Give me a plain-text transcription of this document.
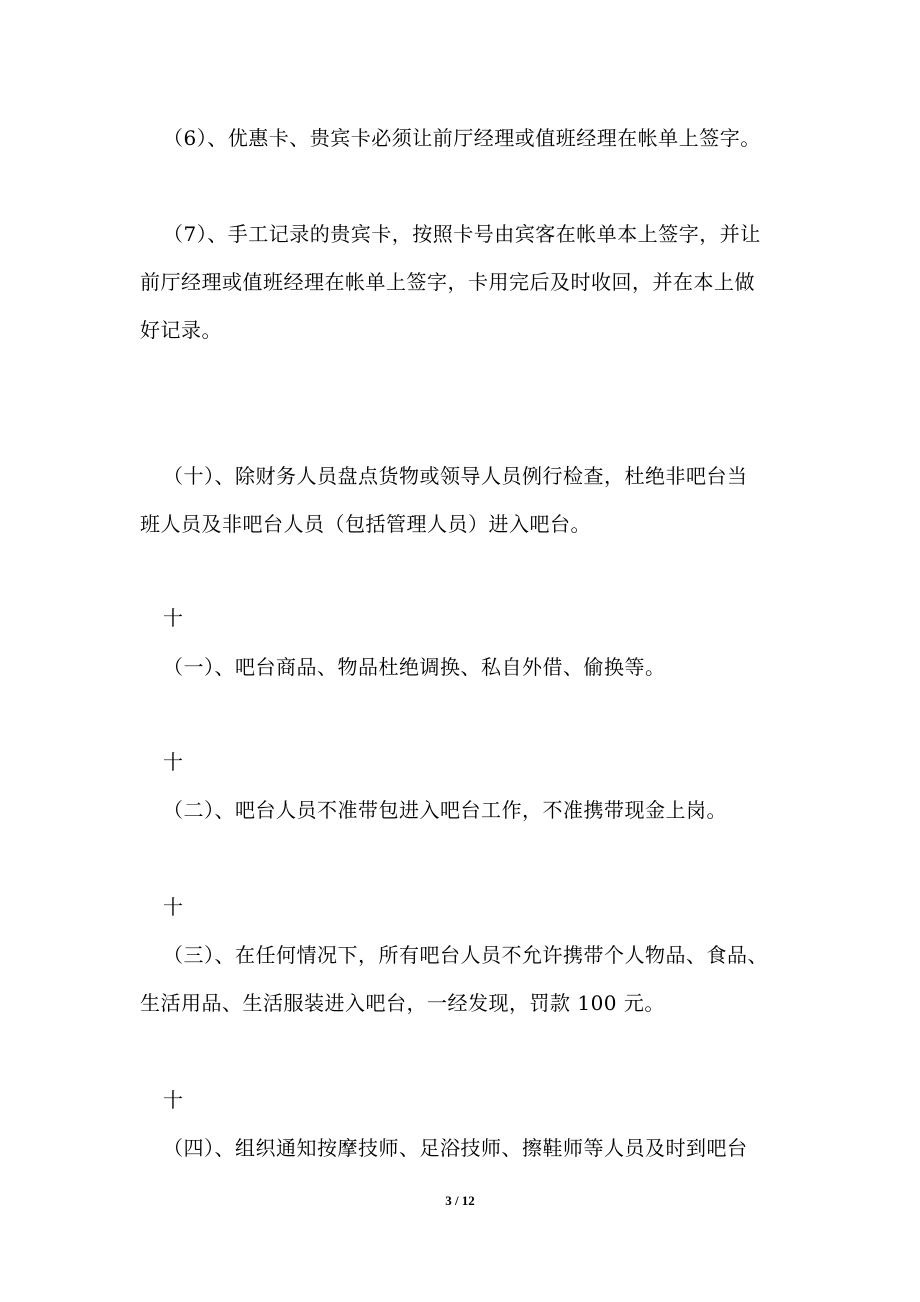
（6）、优惠卡、贵宾卡必须让前厅经理或值班经理在帐单上签字。
（7）、手工记录的贵宾卡，按照卡号由宾客在帐单本上签字，并让
前厅经理或值班经理在帐单上签字，卡用完后及时收回，并在本上做
好记录。
（十）、除财务人员盘点货物或领导人员例行检查，杜绝非吧台当
班人员及非吧台人员（包括管理人员）进入吧台。
十
（一）、吧台商品、物品杜绝调换、私自外借、偷换等。
十
（二）、吧台人员不准带包进入吧台工作，不准携带现金上岗。
十
（三）、在任何情况下，所有吧台人员不允许携带个人物品、食品、
生活用品、生活服装进入吧台，一经发现，罚款 100 元。
十
（四）、组织通知按摩技师、足浴技师、擦鞋师等人员及时到吧台
3 / 12
